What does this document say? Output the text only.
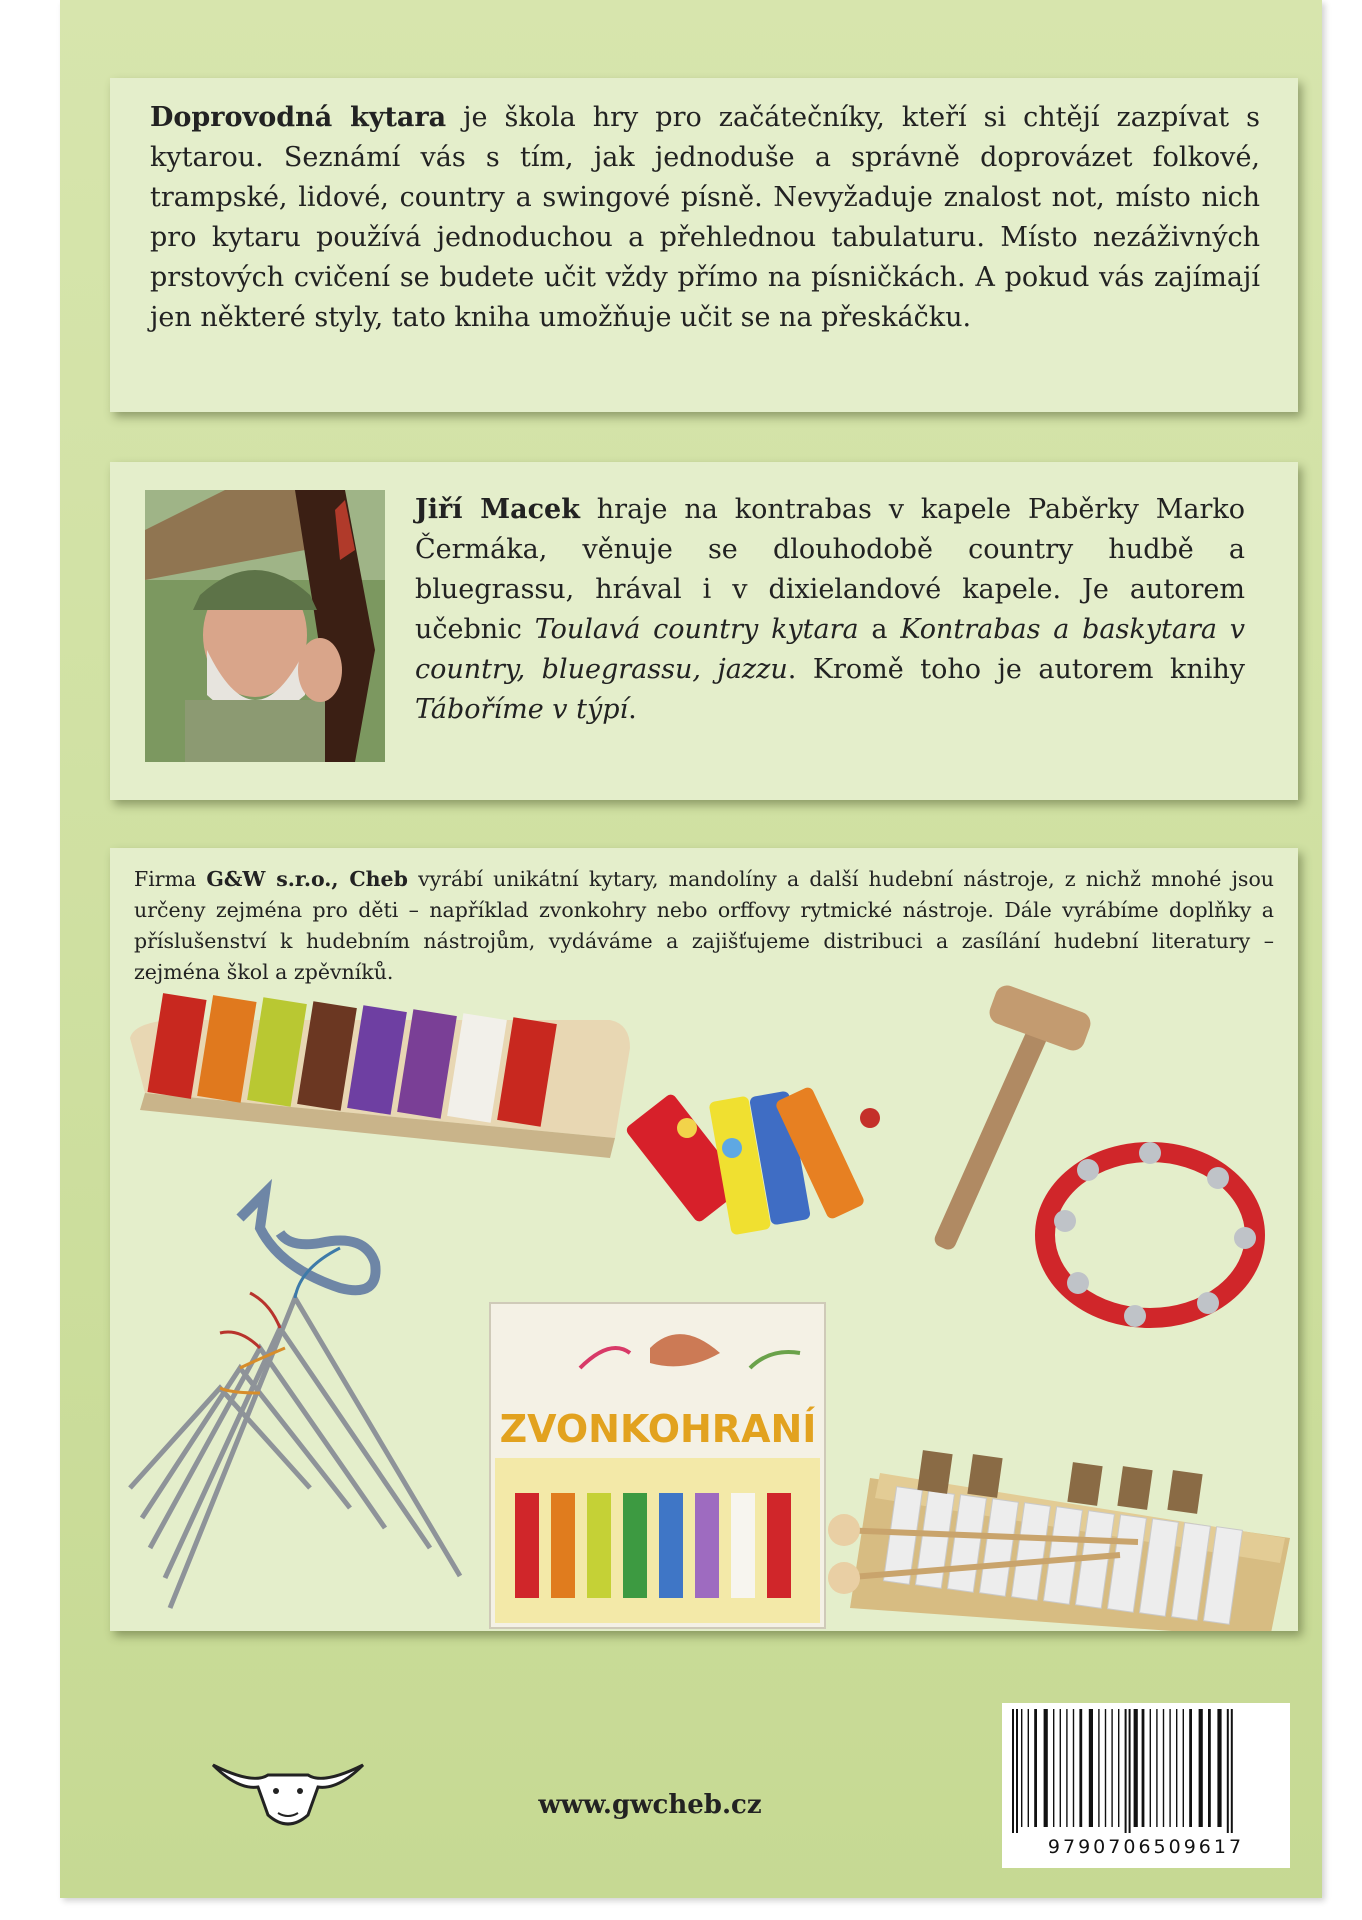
Doprovodná kytara je škola hry pro začátečníky, kteří si chtějí zazpívat s kytarou. Seznámí vás s tím, jak jednoduše a správně doprovázet folkové, trampské, lidové, country a swingové písně. Nevyžaduje znalost not, místo nich pro kytaru používá jednoduchou a přehlednou tabulaturu. Místo nezáživných prstových cvičení se budete učit vždy přímo na písničkách. A pokud vás zajímají jen některé styly, tato kniha umožňuje učit se na přeskáčku.
Jiří Macek hraje na kontrabas v kapele Paběrky Marko Čermáka, věnuje se dlouhodobě country hudbě a bluegrassu, hrával i v dixielandové kapele. Je autorem učebnic Toulavá country kytara a Kontrabas a baskytara v country, bluegrassu, jazzu. Kromě toho je autorem knihy Táboříme v týpí.
Firma G&W s.r.o., Cheb vyrábí unikátní kytary, mandolíny a další hudební nástroje, z nichž mnohé jsou určeny zejména pro děti – například zvonkohry nebo orffovy rytmické nástroje. Dále vyrábíme doplňky a příslušenství k hudebním nástrojům, vydáváme a zajišťujeme distribuci a zasílání hudební literatury – zejména škol a zpěvníků.
ZVONKOHRANÍ
www.gwcheb.cz
9790706509617
